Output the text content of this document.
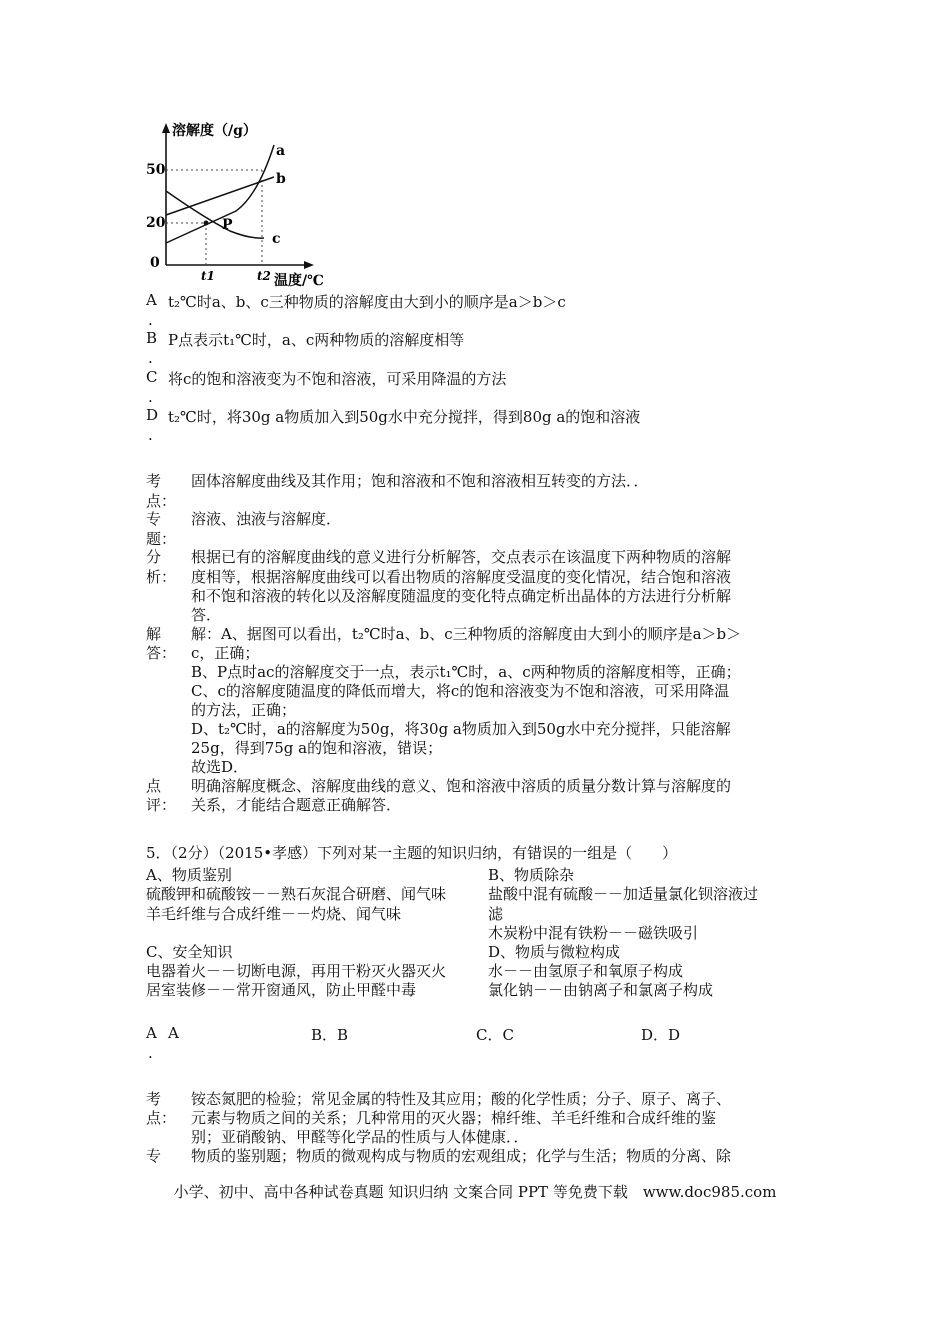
溶解度（/g）
温度/℃
50
20
0
t1	t2
P
a
b
c
A
.
t₂℃时a、b、c三种物质的溶解度由大到小的顺序是a＞b＞c
B
.
P点表示t₁℃时，a、c两种物质的溶解度相等
C
.
将c的饱和溶液变为不饱和溶液，可采用降温的方法
D
.
t₂℃时，将30g a物质加入到50g水中充分搅拌，得到80g a的饱和溶液
考
点：
固体溶解度曲线及其作用；饱和溶液和不饱和溶液相互转变的方法．．
专
题：
溶液、浊液与溶解度．
分
析：
根据已有的溶解度曲线的意义进行分析解答，交点表示在该温度下两种物质的溶解
度相等，根据溶解度曲线可以看出物质的溶解度受温度的变化情况，结合饱和溶液
和不饱和溶液的转化以及溶解度随温度的变化特点确定析出晶体的方法进行分析解
答．
解
答：
解：A、据图可以看出，t₂℃时a、b、c三种物质的溶解度由大到小的顺序是a＞b＞
c，正确；
B、P点时ac的溶解度交于一点，表示t₁℃时，a、c两种物质的溶解度相等，正确；
C、c的溶解度随温度的降低而增大，将c的饱和溶液变为不饱和溶液，可采用降温
的方法，正确；
D、t₂℃时，a的溶解度为50g，将30g a物质加入到50g水中充分搅拌，只能溶解
25g，得到75g a的饱和溶液，错误；
故选D．
点
评：
明确溶解度概念、溶解度曲线的意义、饱和溶液中溶质的质量分数计算与溶解度的
关系，才能结合题意正确解答．
5．（2分）（2015•孝感）下列对某一主题的知识归纳，有错误的一组是（　　）
A、物质鉴别
硫酸钾和硫酸铵－－熟石灰混合研磨、闻气味
羊毛纤维与合成纤维－－灼烧、闻气味
C、安全知识
电器着火－－切断电源，再用干粉灭火器灭火
居室装修－－常开窗通风，防止甲醛中毒
B、物质除杂
盐酸中混有硫酸－－加适量氯化钡溶液过
滤
木炭粉中混有铁粉－－磁铁吸引
D、物质与微粒构成
水－－由氢原子和氧原子构成
氯化钠－－由钠离子和氯离子构成
A
.
A	B．B	C．C	D．D
考
点：
铵态氮肥的检验；常见金属的特性及其应用；酸的化学性质；分子、原子、离子、
元素与物质之间的关系；几种常用的灭火器；棉纤维、羊毛纤维和合成纤维的鉴
别；亚硝酸钠、甲醛等化学品的性质与人体健康．．
专 物质的鉴别题；物质的微观构成与物质的宏观组成；化学与生活；物质的分离、除
小学、初中、高中各种试卷真题 知识归纳 文案合同 PPT 等免费下载　www.doc985.com
